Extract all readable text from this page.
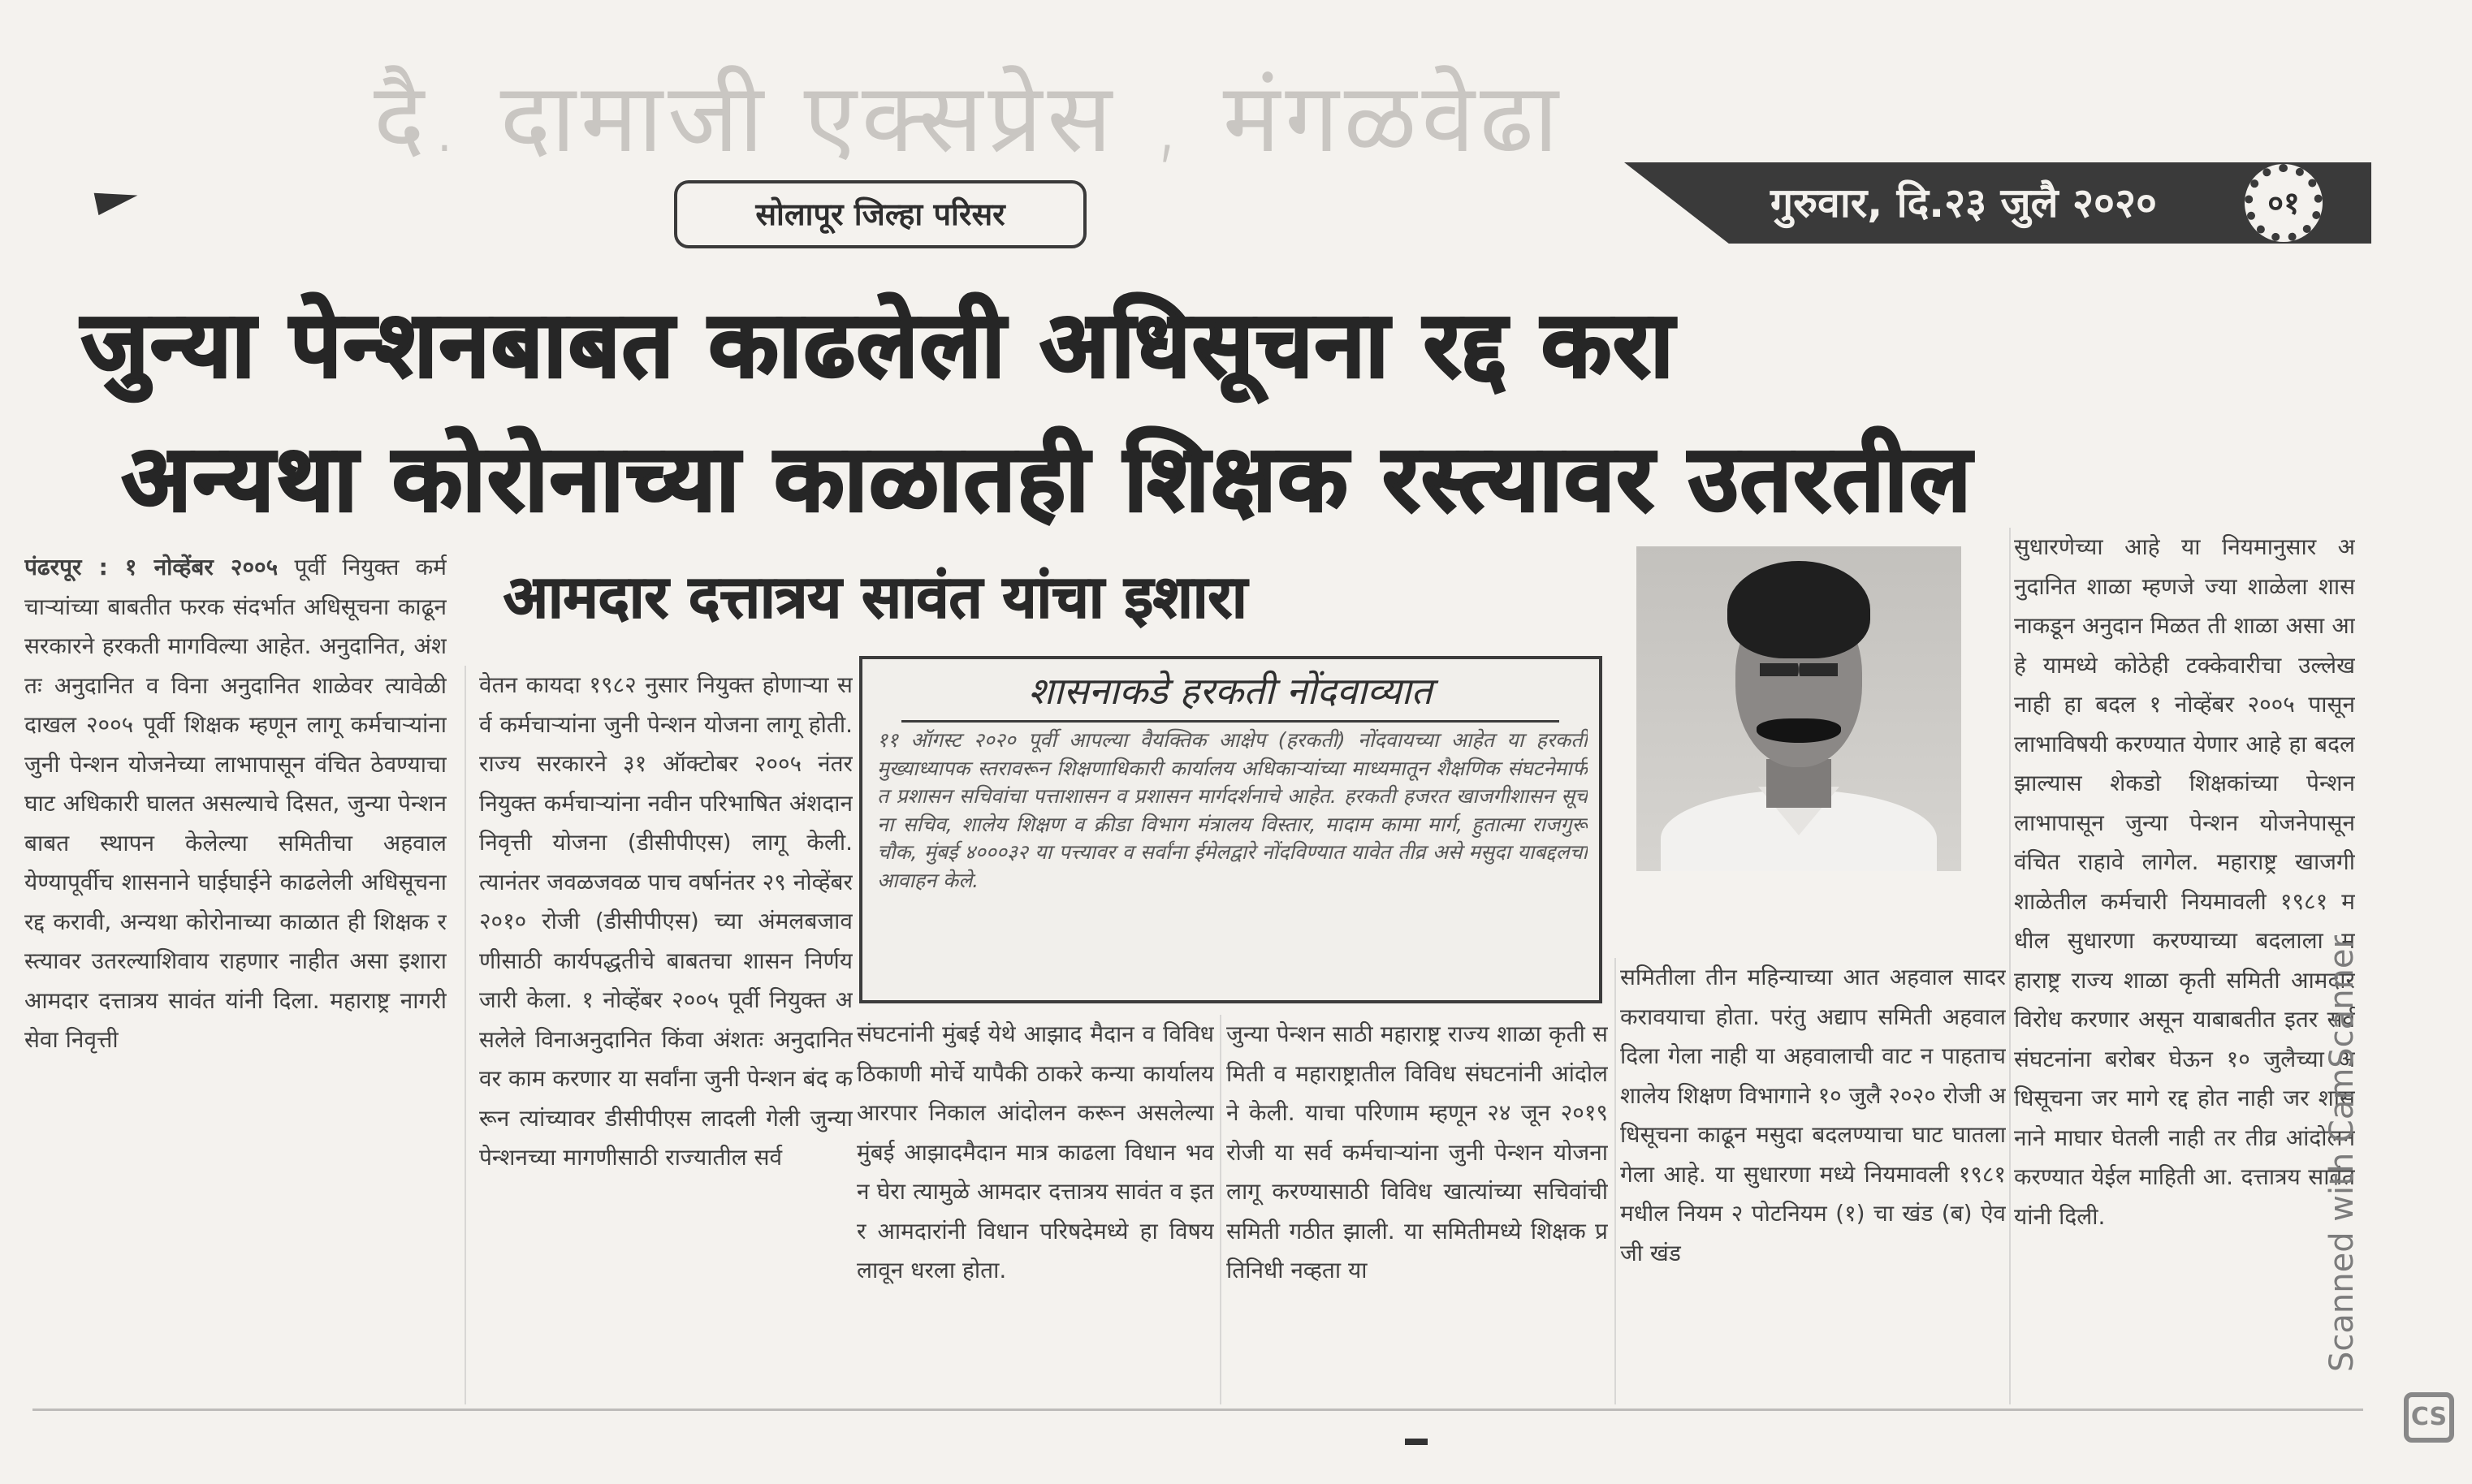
दै. दामाजी एक्सप्रेस , मंगळवेढा
सोलापूर जिल्हा परिसर	गुरुवार, दि.२३ जुलै २०२०	०१
जुन्या पेन्शनबाबत काढलेली अधिसूचना रद्द करा
अन्यथा कोरोनाच्या काळातही शिक्षक रस्त्यावर उतरतील
आमदार दत्तात्रय सावंत यांचा इशारा
पंढरपूर : १ नोव्हेंबर २००५ पूर्वी नियुक्त कर्मचाऱ्यांच्या बाबतीत फरक संदर्भात अधिसूचना काढून सरकारने हरकती मागविल्या आहेत. अनुदानित, अंशतः अनुदानित व विना अनुदानित शाळेवर त्यावेळी दाखल २००५ पूर्वी शिक्षक म्हणून लागू कर्मचाऱ्यांना जुनी पेन्शन योजनेच्या लाभापासून वंचित ठेवण्याचा घाट अधिकारी घालत असल्याचे दिसत, जुन्या पेन्शनबाबत स्थापन केलेल्या समितीचा अहवाल येण्यापूर्वीच शासनाने घाईघाईने काढलेली अधिसूचना रद्द करावी, अन्यथा कोरोनाच्या काळात ही शिक्षक रस्त्यावर उतरल्याशिवाय राहणार नाहीत असा इशारा आमदार दत्तात्रय सावंत यांनी दिला. महाराष्ट्र नागरी सेवा निवृत्ती
वेतन कायदा १९८२ नुसार नियुक्त होणाऱ्या सर्व कर्मचाऱ्यांना जुनी पेन्शन योजना लागू होती. राज्य सरकारने ३१ ऑक्टोबर २००५ नंतर नियुक्त कर्मचाऱ्यांना नवीन परिभाषित अंशदान निवृत्ती योजना (डीसीपीएस) लागू केली. त्यानंतर जवळजवळ पाच वर्षानंतर २९ नोव्हेंबर २०१० रोजी (डीसीपीएस) च्या अंमलबजावणीसाठी कार्यपद्धतीचे बाबतचा शासन निर्णय जारी केला. १ नोव्हेंबर २००५ पूर्वी नियुक्त असलेले विनाअनुदानित किंवा अंशतः अनुदानित वर काम करणार या सर्वांना जुनी पेन्शन बंद करून त्यांच्यावर डीसीपीएस लादली गेली जुन्या पेन्शनच्या मागणीसाठी राज्यातील सर्व
शासनाकडे हरकती नोंदवाव्यात
११ ऑगस्ट २०२० पूर्वी आपल्या वैयक्तिक आक्षेप (हरकती) नोंदवायच्या आहेत या हरकती मुख्याध्यापक स्तरावरून शिक्षणाधिकारी कार्यालय अधिकाऱ्यांच्या माध्यमातून शैक्षणिक संघटनेमार्फत प्रशासन सचिवांचा पत्ताशासन व प्रशासन मार्गदर्शनाचे आहेत. हरकती हजरत खाजगीशासन सूचना सचिव, शालेय शिक्षण व क्रीडा विभाग मंत्रालय विस्तार, मादाम कामा मार्ग, हुतात्मा राजगुरू चौक, मुंबई ४०००३२ या पत्त्यावर व सर्वांना ईमेलद्वारे नोंदविण्यात यावेत तीव्र असे मसुदा याबद्दलचा आवाहन केले.
संघटनांनी मुंबई येथे आझाद मैदान व विविध ठिकाणी मोर्चे यापैकी ठाकरे कन्या कार्यालय आरपार निकाल आंदोलन करून असलेल्या मुंबई आझादमैदान मात्र काढला विधान भवन घेरा त्यामुळे आमदार दत्तात्रय सावंत व इतर आमदारांनी विधान परिषदेमध्ये हा विषय लावून धरला होता.
जुन्या पेन्शन साठी महाराष्ट्र राज्य शाळा कृती समिती व महाराष्ट्रातील विविध संघटनांनी आंदोलने केली. याचा परिणाम म्हणून २४ जून २०१९ रोजी या सर्व कर्मचाऱ्यांना जुनी पेन्शन योजना लागू करण्यासाठी विविध खात्यांच्या सचिवांची समिती गठीत झाली. या समितीमध्ये शिक्षक प्रतिनिधी नव्हता या
समितीला तीन महिन्याच्या आत अहवाल सादर करावयाचा होता. परंतु अद्याप समिती अहवाल दिला गेला नाही या अहवालाची वाट न पाहताच शालेय शिक्षण विभागाने १० जुलै २०२० रोजी अधिसूचना काढून मसुदा बदलण्याचा घाट घातला गेला आहे. या सुधारणा मध्ये नियमावली १९८१ मधील नियम २ पोटनियम (१) चा खंड (ब) ऐवजी खंड
सुधारणेच्या आहे या नियमानुसार अनुदानित शाळा म्हणजे ज्या शाळेला शासनाकडून अनुदान मिळत ती शाळा असा आहे यामध्ये कोठेही टक्केवारीचा उल्लेख नाही हा बदल १ नोव्हेंबर २००५ पासून लाभाविषयी करण्यात येणार आहे हा बदल झाल्यास शेकडो शिक्षकांच्या पेन्शन लाभापासून जुन्या पेन्शन योजनेपासून वंचित राहावे लागेल. महाराष्ट्र खाजगी शाळेतील कर्मचारी नियमावली १९८१ मधील सुधारणा करण्याच्या बदलाला महाराष्ट्र राज्य शाळा कृती समिती आमदार विरोध करणार असून याबाबतीत इतर सर्व संघटनांना बरोबर घेऊन १० जुलैच्या अधिसूचना जर मागे रद्द होत नाही जर शासनाने माघार घेतली नाही तर तीव्र आंदोलन करण्यात येईल माहिती आ. दत्तात्रय सावंत यांनी दिली.	Scanned with CamScanner
CS
